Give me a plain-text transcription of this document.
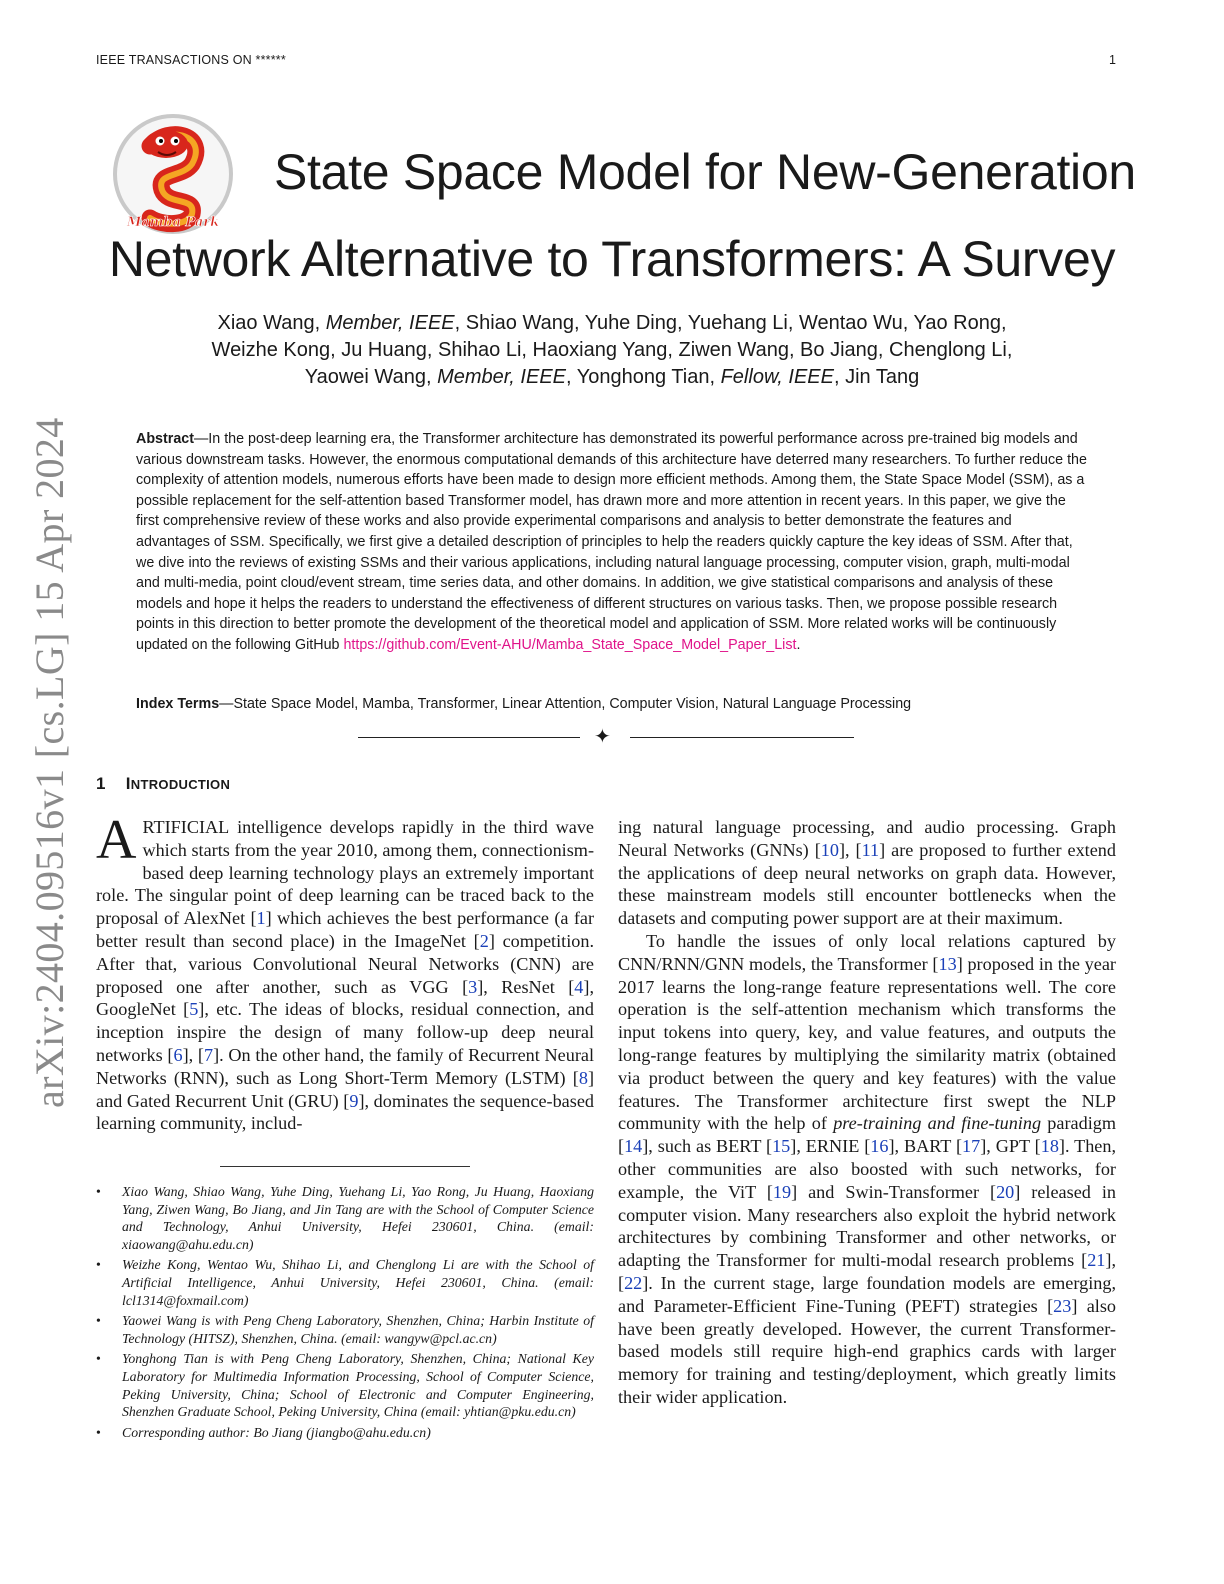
IEEE TRANSACTIONS ON ******	1
arXiv:2404.09516v1 [cs.LG] 15 Apr 2024
Mamba Park
State Space Model for New-Generation
Network Alternative to Transformers: A Survey
Xiao Wang, Member, IEEE, Shiao Wang, Yuhe Ding, Yuehang Li, Wentao Wu, Yao Rong,
Weizhe Kong, Ju Huang, Shihao Li, Haoxiang Yang, Ziwen Wang, Bo Jiang, Chenglong Li,
Yaowei Wang, Member, IEEE, Yonghong Tian, Fellow, IEEE, Jin Tang

Abstract—In the post-deep learning era, the Transformer architecture has demonstrated its powerful performance across pre-trained big models and various downstream tasks. However, the enormous computational demands of this architecture have deterred many researchers. To further reduce the complexity of attention models, numerous efforts have been made to design more efficient methods. Among them, the State Space Model (SSM), as a possible replacement for the self-attention based Transformer model, has drawn more and more attention in recent years. In this paper, we give the first comprehensive review of these works and also provide experimental comparisons and analysis to better demonstrate the features and advantages of SSM. Specifically, we first give a detailed description of principles to help the readers quickly capture the key ideas of SSM. After that, we dive into the reviews of existing SSMs and their various applications, including natural language processing, computer vision, graph, multi-modal and multi-media, point cloud/event stream, time series data, and other domains. In addition, we give statistical comparisons and analysis of these models and hope it helps the readers to understand the effectiveness of different structures on various tasks. Then, we propose possible research points in this direction to better promote the development of the theoretical model and application of SSM. More related works will be continuously updated on the following GitHub https://github.com/Event-AHU/Mamba_State_Space_Model_Paper_List.

Index Terms—State Space Model, Mamba, Transformer, Linear Attention, Computer Vision, Natural Language Processing

✦
1 INTRODUCTION

ARTIFICIAL intelligence develops rapidly in the third wave which starts from the year 2010, among them, connectionism-based deep learning technology plays an extremely important role. The singular point of deep learning can be traced back to the proposal of AlexNet [1] which achieves the best performance (a far better result than second place) in the ImageNet [2] competition. After that, various Convolutional Neural Networks (CNN) are proposed one after another, such as VGG [3], ResNet [4], GoogleNet [5], etc. The ideas of blocks, residual connection, and inception inspire the design of many follow-up deep neural networks [6], [7]. On the other hand, the family of Recurrent Neural Networks (RNN), such as Long Short-Term Memory (LSTM) [8] and Gated Recurrent Unit (GRU) [9], dominates the sequence-based learning community, includ-

• Xiao Wang, Shiao Wang, Yuhe Ding, Yuehang Li, Yao Rong, Ju Huang, Haoxiang Yang, Ziwen Wang, Bo Jiang, and Jin Tang are with the School of Computer Science and Technology, Anhui University, Hefei 230601, China. (email: xiaowang@ahu.edu.cn)
• Weizhe Kong, Wentao Wu, Shihao Li, and Chenglong Li are with the School of Artificial Intelligence, Anhui University, Hefei 230601, China. (email: lcl1314@foxmail.com)
• Yaowei Wang is with Peng Cheng Laboratory, Shenzhen, China; Harbin Institute of Technology (HITSZ), Shenzhen, China. (email: wangyw@pcl.ac.cn)
• Yonghong Tian is with Peng Cheng Laboratory, Shenzhen, China; National Key Laboratory for Multimedia Information Processing, School of Computer Science, Peking University, China; School of Electronic and Computer Engineering, Shenzhen Graduate School, Peking University, China (email: yhtian@pku.edu.cn)
• Corresponding author: Bo Jiang (jiangbo@ahu.edu.cn)

ing natural language processing, and audio processing. Graph Neural Networks (GNNs) [10], [11] are proposed to further extend the applications of deep neural networks on graph data. However, these mainstream models still encounter bottlenecks when the datasets and computing power support are at their maximum.

To handle the issues of only local relations captured by CNN/RNN/GNN models, the Transformer [13] proposed in the year 2017 learns the long-range feature representations well. The core operation is the self-attention mechanism which transforms the input tokens into query, key, and value features, and outputs the long-range features by multiplying the similarity matrix (obtained via product between the query and key features) with the value features. The Transformer architecture first swept the NLP community with the help of pre-training and fine-tuning paradigm [14], such as BERT [15], ERNIE [16], BART [17], GPT [18]. Then, other communities are also boosted with such networks, for example, the ViT [19] and Swin-Transformer [20] released in computer vision. Many researchers also exploit the hybrid network architectures by combining Transformer and other networks, or adapting the Transformer for multi-modal research problems [21], [22]. In the current stage, large foundation models are emerging, and Parameter-Efficient Fine-Tuning (PEFT) strategies [23] also have been greatly developed. However, the current Transformer-based models still require high-end graphics cards with larger memory for training and testing/deployment, which greatly limits their wider application.
